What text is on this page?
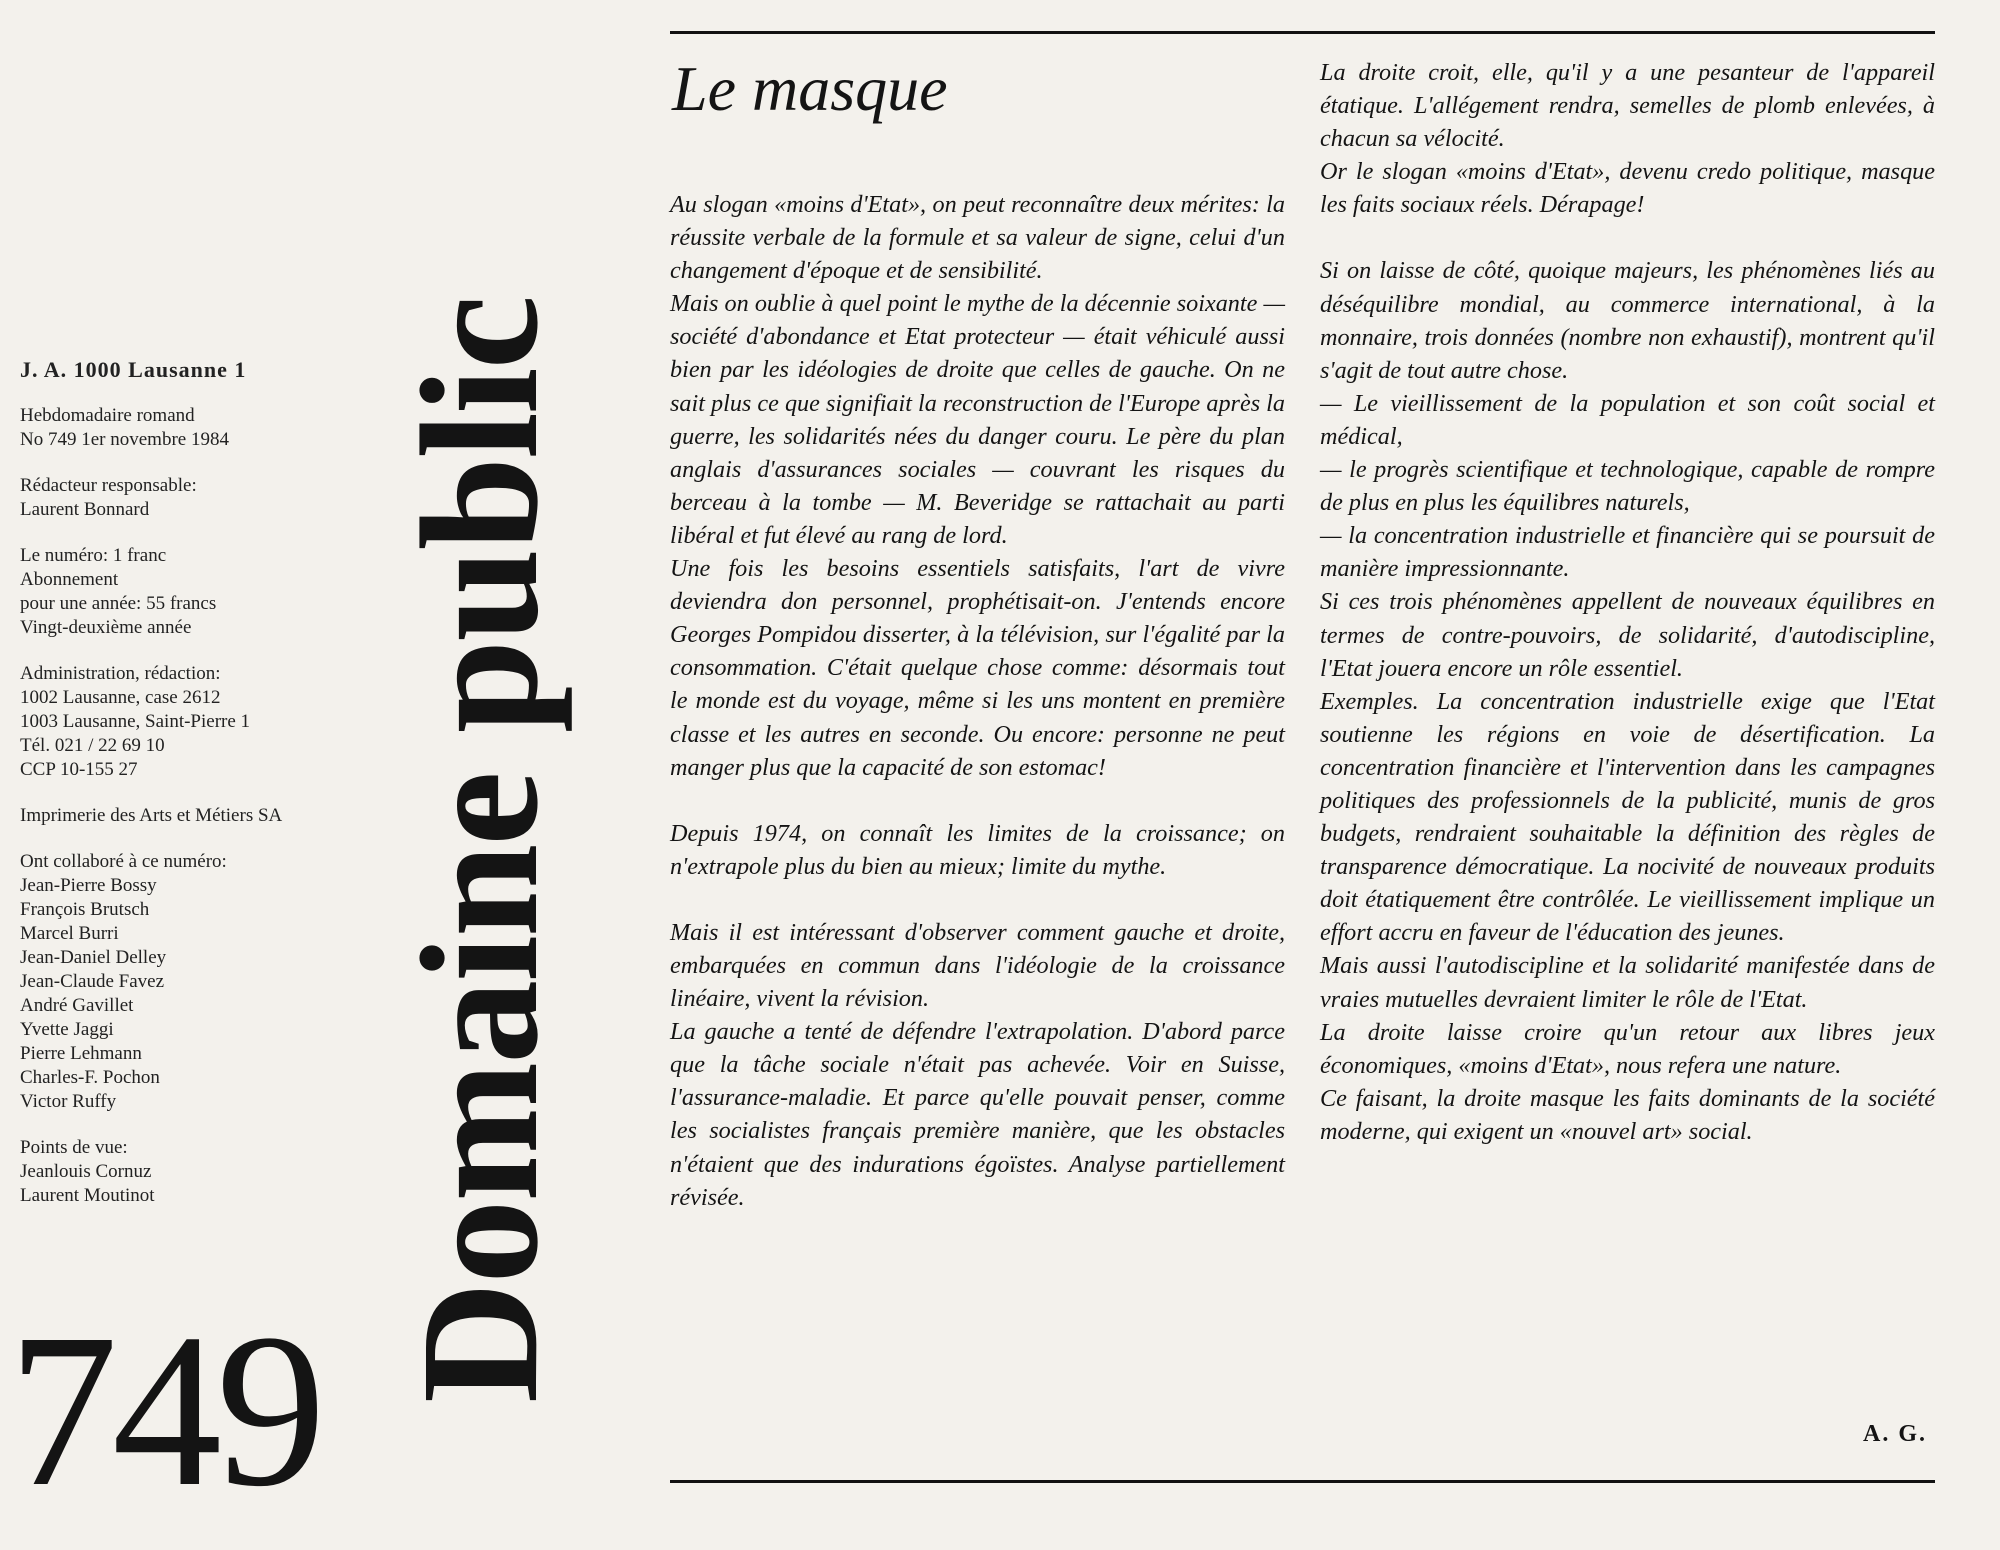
J. A. 1000 Lausanne 1
Hebdomadaire romand
No 749 1er novembre 1984
Rédacteur responsable:
Laurent Bonnard
Le numéro: 1 franc
Abonnement
pour une année: 55 francs
Vingt-deuxième année
Administration, rédaction:
1002 Lausanne, case 2612
1003 Lausanne, Saint-Pierre 1
Tél. 021 / 22 69 10
CCP 10-155 27
Imprimerie des Arts et Métiers SA
Ont collaboré à ce numéro:
Jean-Pierre Bossy
François Brutsch
Marcel Burri
Jean-Daniel Delley
Jean-Claude Favez
André Gavillet
Yvette Jaggi
Pierre Lehmann
Charles-F. Pochon
Victor Ruffy
Points de vue:
Jeanlouis Cornuz
Laurent Moutinot
749
Domaine public
Le masque

Au slogan «moins d'Etat», on peut reconnaître deux mérites: la réussite verbale de la formule et sa valeur de signe, celui d'un changement d'époque et de sensibilité.

Mais on oublie à quel point le mythe de la décennie soixante — société d'abondance et Etat protecteur — était véhiculé aussi bien par les idéologies de droite que celles de gauche. On ne sait plus ce que signifiait la reconstruction de l'Europe après la guerre, les solidarités nées du danger couru. Le père du plan anglais d'assurances sociales — couvrant les risques du berceau à la tombe — M. Beveridge se rattachait au parti libéral et fut élevé au rang de lord.

Une fois les besoins essentiels satisfaits, l'art de vivre deviendra don personnel, prophétisait-on. J'entends encore Georges Pompidou disserter, à la télévision, sur l'égalité par la consommation. C'était quelque chose comme: désormais tout le monde est du voyage, même si les uns montent en première classe et les autres en seconde. Ou encore: personne ne peut manger plus que la capacité de son estomac!

Depuis 1974, on connaît les limites de la croissance; on n'extrapole plus du bien au mieux; limite du mythe.

Mais il est intéressant d'observer comment gauche et droite, embarquées en commun dans l'idéologie de la croissance linéaire, vivent la révision.

La gauche a tenté de défendre l'extrapolation. D'abord parce que la tâche sociale n'était pas achevée. Voir en Suisse, l'assurance-maladie. Et parce qu'elle pouvait penser, comme les socialistes français première manière, que les obstacles n'étaient que des indurations égoïstes. Analyse partiellement révisée.

La droite croit, elle, qu'il y a une pesanteur de l'appareil étatique. L'allégement rendra, semelles de plomb enlevées, à chacun sa vélocité.

Or le slogan «moins d'Etat», devenu credo politique, masque les faits sociaux réels. Dérapage!

Si on laisse de côté, quoique majeurs, les phénomènes liés au déséquilibre mondial, au commerce international, à la monnaire, trois données (nombre non exhaustif), montrent qu'il s'agit de tout autre chose.

— Le vieillissement de la population et son coût social et médical,

— le progrès scientifique et technologique, capable de rompre de plus en plus les équilibres naturels,

— la concentration industrielle et financière qui se poursuit de manière impressionnante.

Si ces trois phénomènes appellent de nouveaux équilibres en termes de contre-pouvoirs, de solidarité, d'autodiscipline, l'Etat jouera encore un rôle essentiel.

Exemples. La concentration industrielle exige que l'Etat soutienne les régions en voie de désertification. La concentration financière et l'intervention dans les campagnes politiques des professionnels de la publicité, munis de gros budgets, rendraient souhaitable la définition des règles de transparence démocratique. La nocivité de nouveaux produits doit étatiquement être contrôlée. Le vieillissement implique un effort accru en faveur de l'éducation des jeunes.

Mais aussi l'autodiscipline et la solidarité manifestée dans de vraies mutuelles devraient limiter le rôle de l'Etat.

La droite laisse croire qu'un retour aux libres jeux économiques, «moins d'Etat», nous refera une nature.

Ce faisant, la droite masque les faits dominants de la société moderne, qui exigent un «nouvel art» social.

A. G.
